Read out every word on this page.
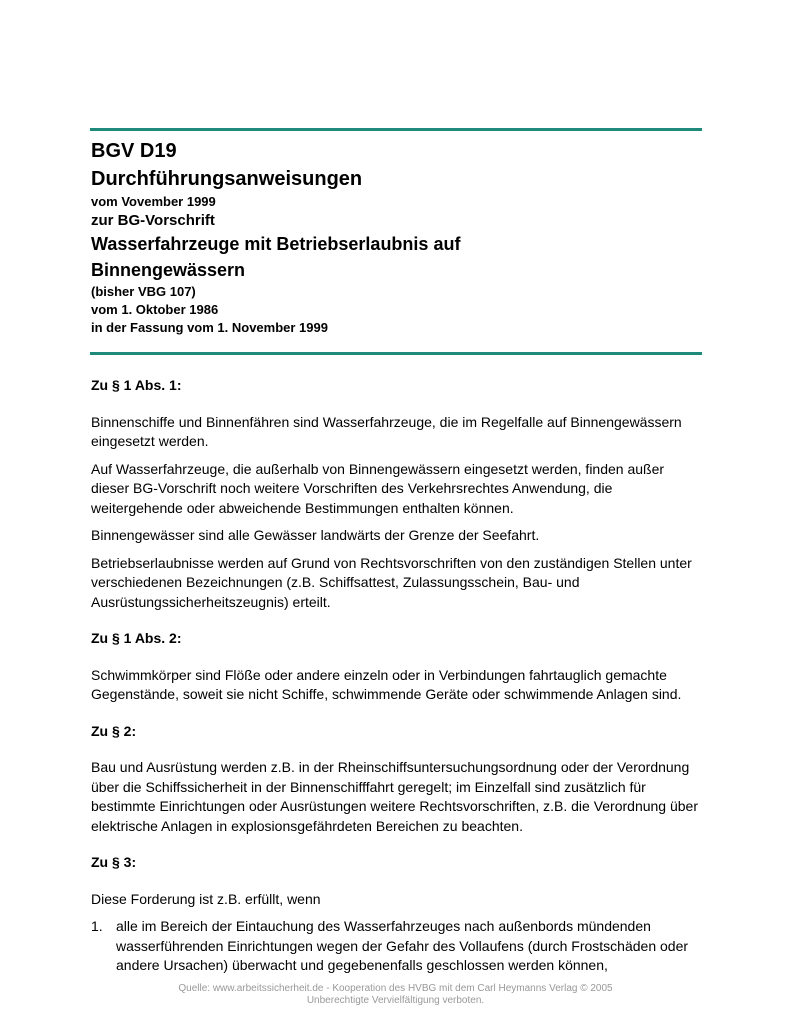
BGV D19

Durchführungsanweisungen

vom Vovember 1999

zur BG-Vorschrift

Wasserfahrzeuge mit Betriebserlaubnis auf

Binnengewässern

(bisher VBG 107)

vom 1. Oktober 1986

in der Fassung vom 1. November 1999

Zu § 1 Abs. 1:

Binnenschiffe und Binnenfähren sind Wasserfahrzeuge, die im Regelfalle auf Binnengewässern eingesetzt werden.

Auf Wasserfahrzeuge, die außerhalb von Binnengewässern eingesetzt werden, finden außer dieser BG-Vorschrift noch weitere Vorschriften des Verkehrsrechtes Anwendung, die weitergehende oder abweichende Bestimmungen enthalten können.

Binnengewässer sind alle Gewässer landwärts der Grenze der Seefahrt.

Betriebserlaubnisse werden auf Grund von Rechtsvorschriften von den zuständigen Stellen unter verschiedenen Bezeichnungen (z.B. Schiffsattest, Zulassungsschein, Bau- und Ausrüstungssicherheitszeugnis) erteilt.

Zu § 1 Abs. 2:

Schwimmkörper sind Flöße oder andere einzeln oder in Verbindungen fahrtauglich gemachte Gegenstände, soweit sie nicht Schiffe, schwimmende Geräte oder schwimmende Anlagen sind.

Zu § 2:

Bau und Ausrüstung werden z.B. in der Rheinschiffsuntersuchungsordnung oder der Verordnung über die Schiffssicherheit in der Binnenschifffahrt geregelt; im Einzelfall sind zusätzlich für bestimmte Einrichtungen oder Ausrüstungen weitere Rechtsvorschriften, z.B. die Verordnung über elektrische Anlagen in explosionsgefährdeten Bereichen zu beachten.

Zu § 3:

Diese Forderung ist z.B. erfüllt, wenn

1. alle im Bereich der Eintauchung des Wasserfahrzeuges nach außenbords mündenden wasserführenden Einrichtungen wegen der Gefahr des Vollaufens (durch Frostschäden oder andere Ursachen) überwacht und gegebenenfalls geschlossen werden können,
Quelle: www.arbeitssicherheit.de - Kooperation des HVBG mit dem Carl Heymanns Verlag © 2005
Unberechtigte Vervielfältigung verboten.
